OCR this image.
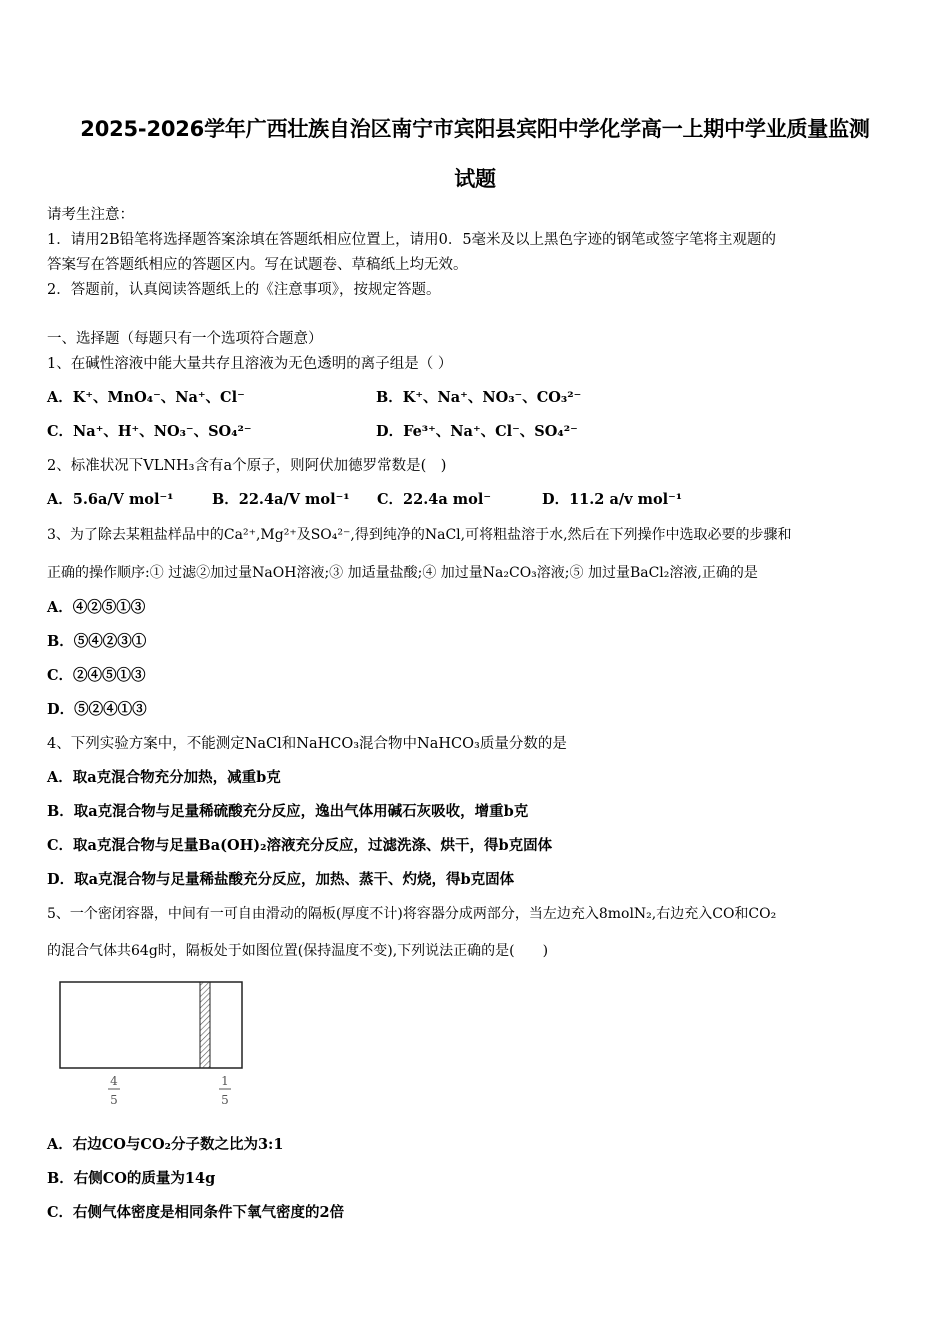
2025-2026学年广西壮族自治区南宁市宾阳县宾阳中学化学高一上期中学业质量监测
试题
请考生注意：
1．请用2B铅笔将选择题答案涂填在答题纸相应位置上，请用0．5毫米及以上黑色字迹的钢笔或签字笔将主观题的
答案写在答题纸相应的答题区内。写在试题卷、草稿纸上均无效。
2．答题前，认真阅读答题纸上的《注意事项》，按规定答题。
一、选择题（每题只有一个选项符合题意）
1、在碱性溶液中能大量共存且溶液为无色透明的离子组是（ ）
A．K⁺、MnO₄⁻、Na⁺、Cl⁻	B．K⁺、Na⁺、NO₃⁻、CO₃²⁻
C．Na⁺、H⁺、NO₃⁻、SO₄²⁻	D．Fe³⁺、Na⁺、Cl⁻、SO₄²⁻
2、标准状况下VLNH₃含有a个原子，则阿伏加德罗常数是(　)
A．5.6a/V mol⁻¹	B．22.4a/V mol⁻¹ C．22.4a mol⁻	D．11.2 a/v mol⁻¹
3、为了除去某粗盐样品中的Ca²⁺,Mg²⁺及SO₄²⁻,得到纯净的NaCl,可将粗盐溶于水,然后在下列操作中选取必要的步骤和
正确的操作顺序:① 过滤②加过量NaOH溶液;③ 加适量盐酸;④ 加过量Na₂CO₃溶液;⑤ 加过量BaCl₂溶液,正确的是
A．④②⑤①③
B．⑤④②③①
C．②④⑤①③
D．⑤②④①③
4、下列实验方案中，不能测定NaCl和NaHCO₃混合物中NaHCO₃质量分数的是
A．取a克混合物充分加热，减重b克
B．取a克混合物与足量稀硫酸充分反应，逸出气体用碱石灰吸收，增重b克
C．取a克混合物与足量Ba(OH)₂溶液充分反应，过滤洗涤、烘干，得b克固体
D．取a克混合物与足量稀盐酸充分反应，加热、蒸干、灼烧，得b克固体
5、一个密闭容器，中间有一可自由滑动的隔板(厚度不计)将容器分成两部分，当左边充入8molN₂,右边充入CO和CO₂
的混合气体共64g时，隔板处于如图位置(保持温度不变),下列说法正确的是(　　)
4
5
1
5
A．右边CO与CO₂分子数之比为3:1
B．右侧CO的质量为14g
C．右侧气体密度是相同条件下氧气密度的2倍
